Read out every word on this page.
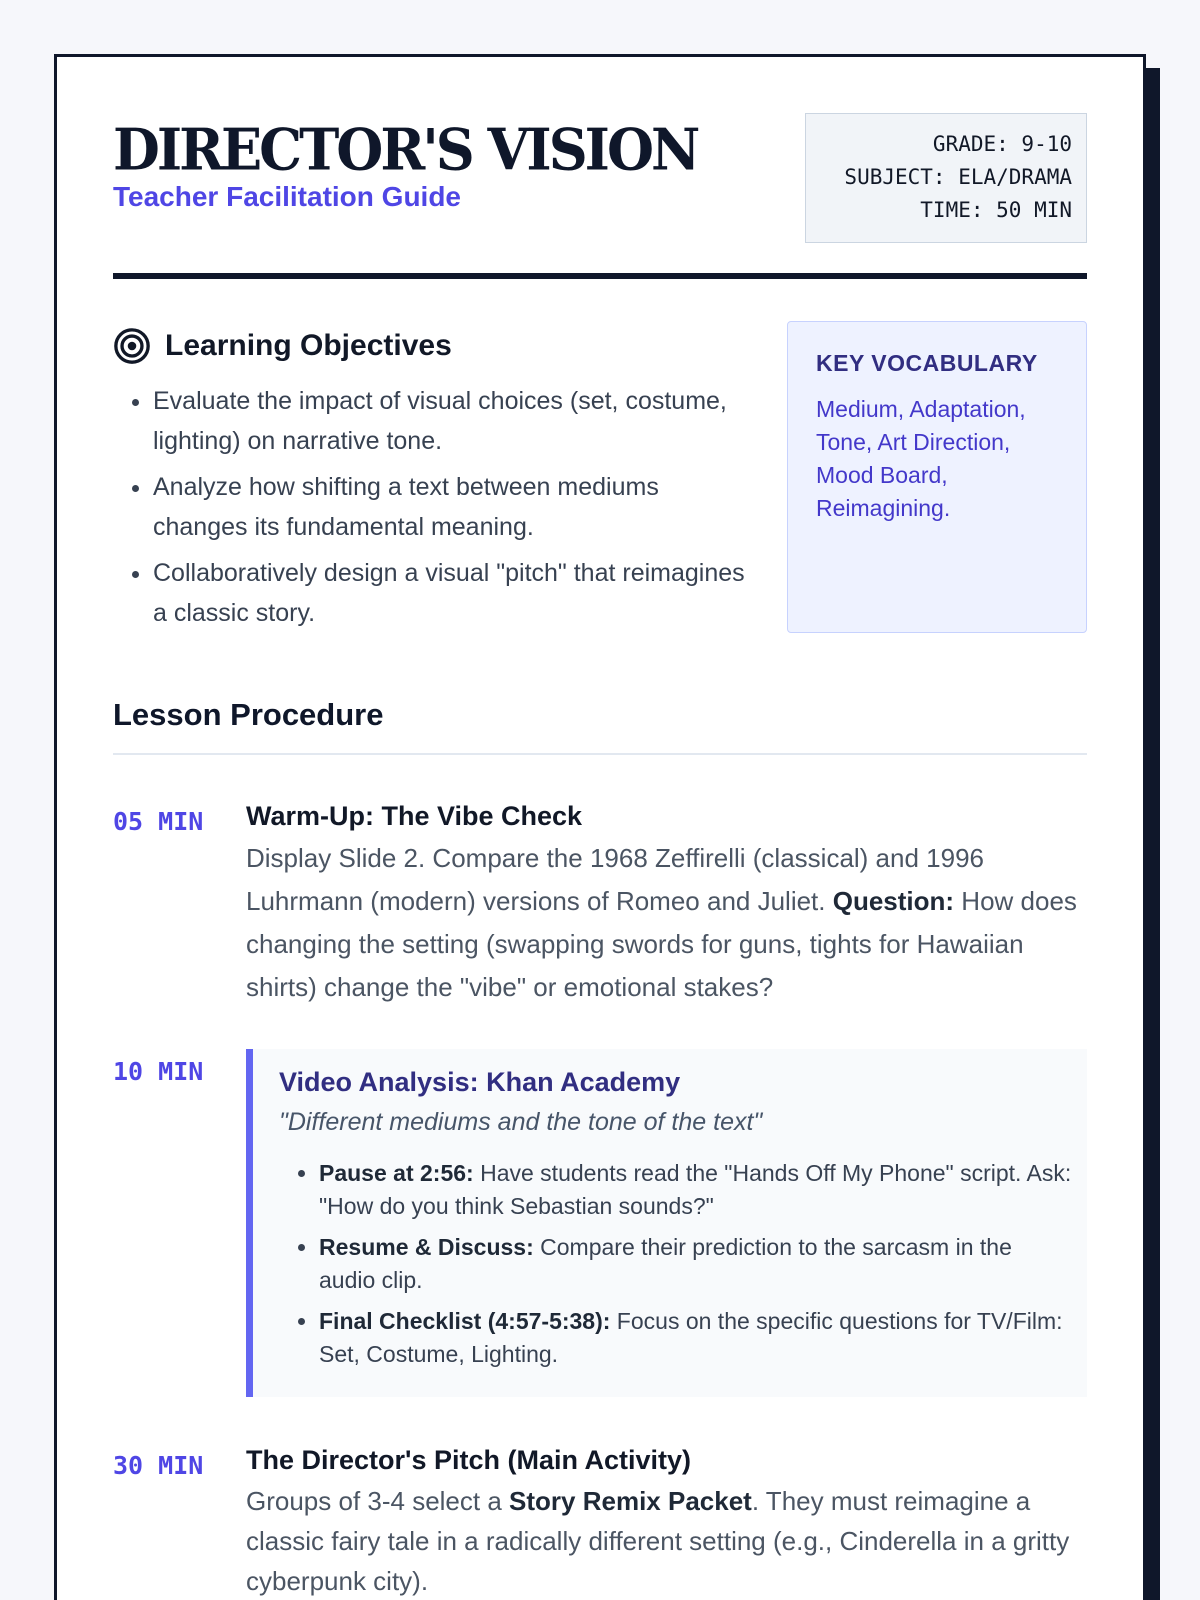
DIRECTOR'S VISION
Teacher Facilitation Guide
GRADE: 9-10
SUBJECT: ELA/DRAMA
TIME: 50 MIN
Learning Objectives
• Evaluate the impact of visual choices (set, costume, lighting) on narrative tone.
• Analyze how shifting a text between mediums changes its fundamental meaning.
• Collaboratively design a visual "pitch" that reimagines a classic story.
KEY VOCABULARY
Medium, Adaptation, Tone, Art Direction, Mood Board, Reimagining.
Lesson Procedure
05 MIN	Warm-Up: The Vibe Check
Display Slide 2. Compare the 1968 Zeffirelli (classical) and 1996 Luhrmann (modern) versions of Romeo and Juliet. Question: How does changing the setting (swapping swords for guns, tights for Hawaiian shirts) change the "vibe" or emotional stakes?
10 MIN	Video Analysis: Khan Academy
"Different mediums and the tone of the text"
• Pause at 2:56: Have students read the "Hands Off My Phone" script. Ask: "How do you think Sebastian sounds?"
• Resume & Discuss: Compare their prediction to the sarcasm in the audio clip.
• Final Checklist (4:57-5:38): Focus on the specific questions for TV/Film: Set, Costume, Lighting.
30 MIN	The Director's Pitch (Main Activity)
Groups of 3-4 select a Story Remix Packet. They must reimagine a classic fairy tale in a radically different setting (e.g., Cinderella in a gritty cyberpunk city).
